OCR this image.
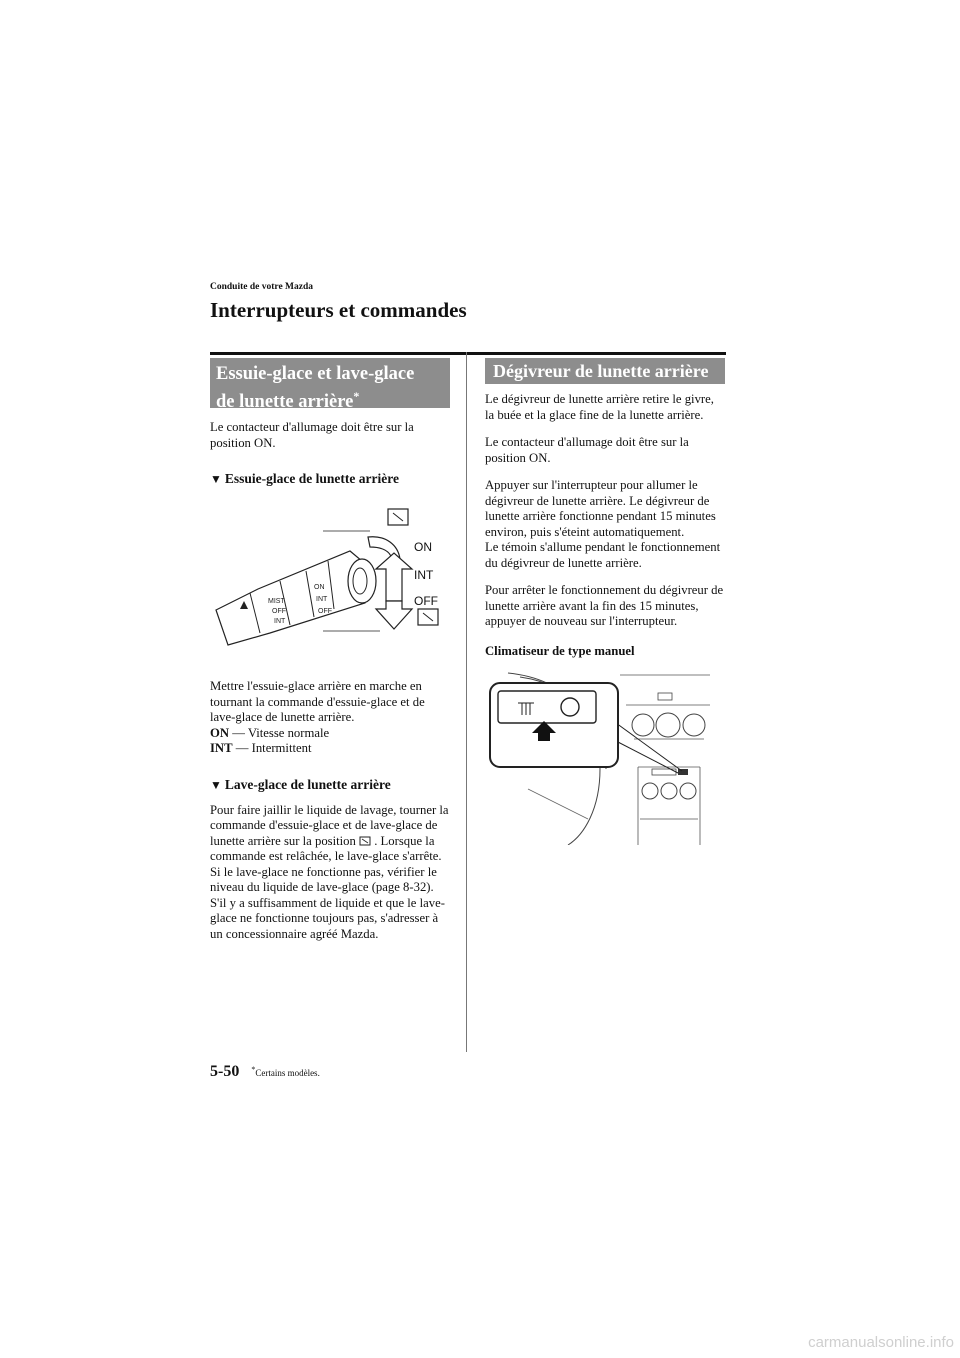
Conduite de votre Mazda
Interrupteurs et commandes
Essuie-glace et lave-glace
de lunette arrière*

Le contacteur d'allumage doit être sur la position ON.

▼ Essuie-glace de lunette arrière
MIST
OFF
INT
ON
INT
OFF
ON
INT
OFF

Mettre l'essuie-glace arrière en marche en tournant la commande d'essuie-glace et de lave-glace de lunette arrière.

ON — Vitesse normale
INT — Intermittent
▼ Lave-glace de lunette arrière

Pour faire jaillir le liquide de lavage, tourner la commande d'essuie-glace et de lave-glace de lunette arrière sur la position . Lorsque la commande est relâchée, le lave-glace s'arrête.

Si le lave-glace ne fonctionne pas, vérifier le niveau du liquide de lave-glace (page 8-32). S'il y a suffisamment de liquide et que le lave-glace ne fonctionne toujours pas, s'adresser à un concessionnaire agréé Mazda.

Dégivreur de lunette arrière

Le dégivreur de lunette arrière retire le givre, la buée et la glace fine de la lunette arrière.

Le contacteur d'allumage doit être sur la position ON.

Appuyer sur l'interrupteur pour allumer le dégivreur de lunette arrière. Le dégivreur de lunette arrière fonctionne pendant 15 minutes environ, puis s'éteint automatiquement.

Le témoin s'allume pendant le fonctionnement du dégivreur de lunette arrière.

Pour arrêter le fonctionnement du dégivreur de lunette arrière avant la fin des 15 minutes, appuyer de nouveau sur l'interrupteur.

Climatiseur de type manuel
5-50 *Certains modèles.
carmanualsonline.info
